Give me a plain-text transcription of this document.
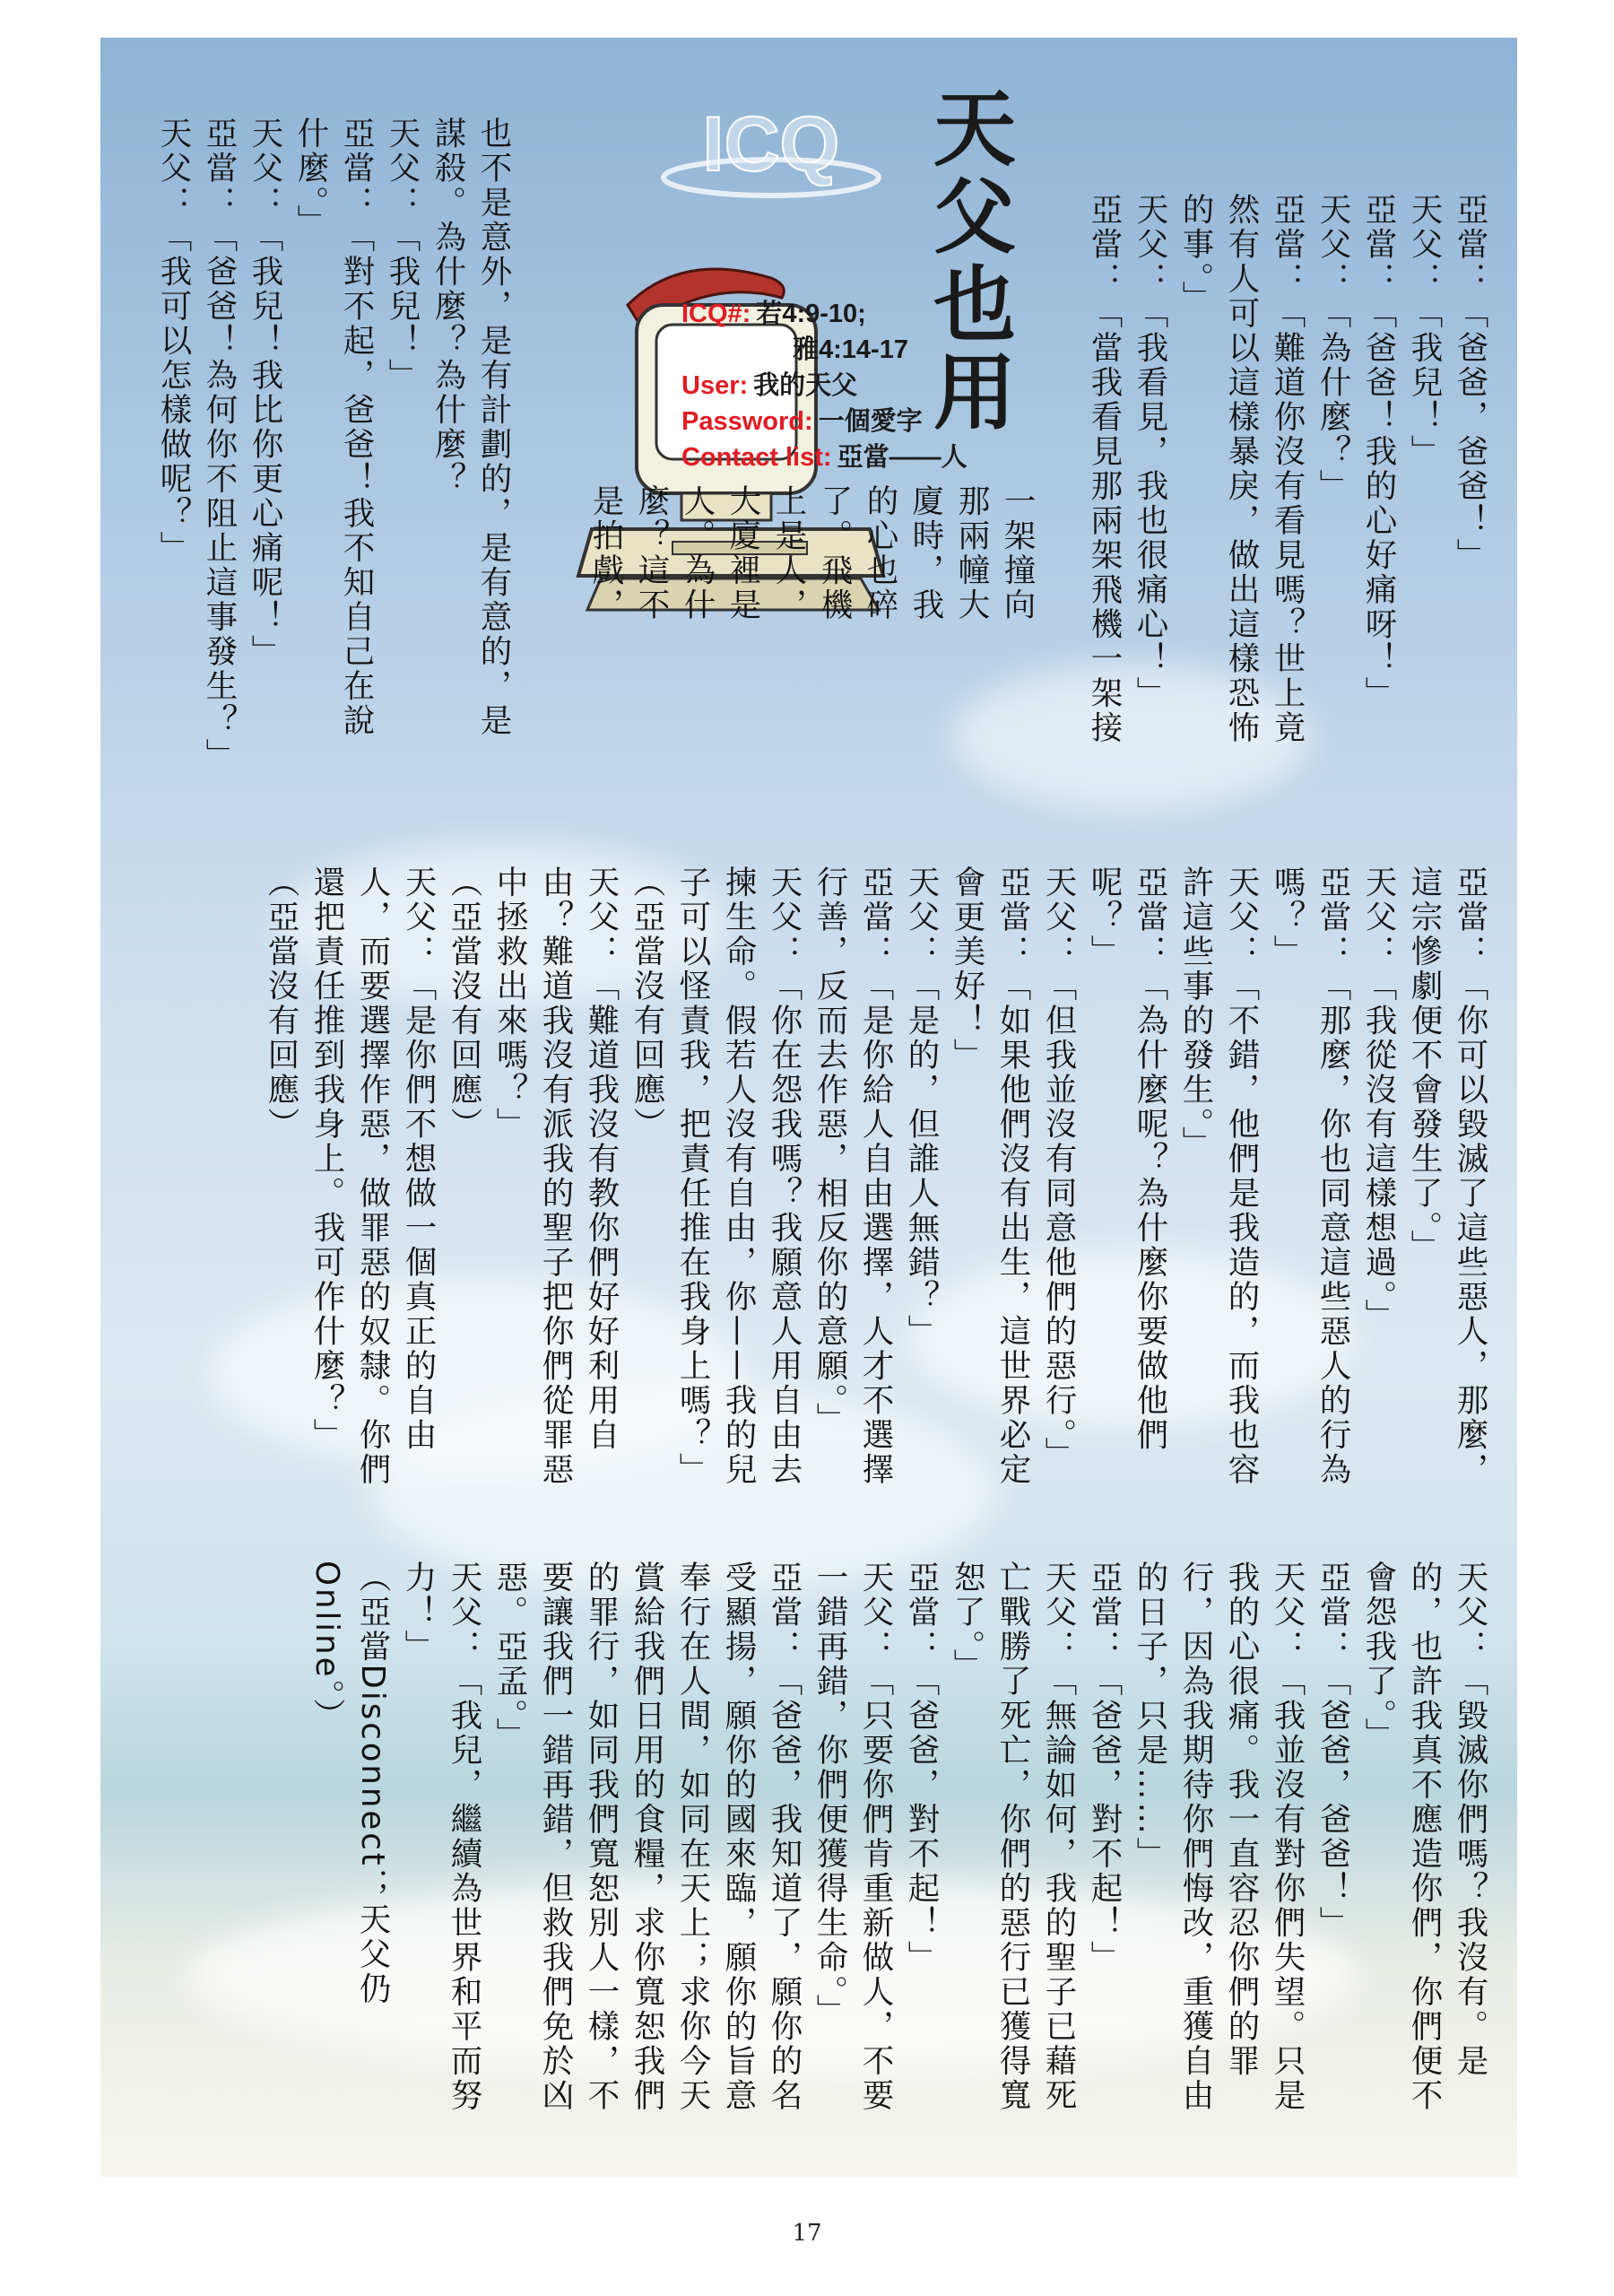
ICQ 天父也用
ICQ#: 若4:9-10;
雅4:14-17
User: 我的天父
Password: 一個愛字
Contact list: 亞當——人	亞當：「爸爸，爸爸！」
天父：「我兒！」
亞當：「爸爸！我的心好痛呀！」
天父：「為什麼？」
亞當：「難道你沒有看見嗎？世上竟然有人可以這樣暴戾，做出這樣恐怖的事。」
天父：「我看見，我也很痛心！」
亞當：「當我看見那兩架飛機一架接
一架撞向
那兩幢大
廈時，我
的心也碎
了。飛機
上是人，
大廈裡是
人。為什
麼？這不
是拍戲，
也不是意外，是有計劃的，是有意的，是謀殺。為什麼？為什麼？
天父：「我兒！」
亞當：「對不起，爸爸！我不知自己在說什麼。」
天父：「我兒！我比你更心痛呢！」
亞當：「爸爸！為何你不阻止這事發生？」
天父：「我可以怎樣做呢？」
亞當：「你可以毀滅了這些惡人，那麼，這宗慘劇便不會發生了。」
天父：「我從沒有這樣想過。」
亞當：「那麼，你也同意這些惡人的行為嗎？」
天父：「不錯，他們是我造的，而我也容許這些事的發生。」
亞當：「為什麼呢？為什麼你要做他們呢？」
天父：「但我並沒有同意他們的惡行。」
亞當：「如果他們沒有出生，這世界必定會更美好！」
天父：「是的，但誰人無錯？」
亞當：「是你給人自由選擇，人才不選擇行善，反而去作惡，相反你的意願。」
天父：「你在怨我嗎？我願意人用自由去揀生命。假若人沒有自由，你——我的兒子可以怪責我，把責任推在我身上嗎？」
（亞當沒有回應）
天父：「難道我沒有教你們好好利用自由？難道我沒有派我的聖子把你們從罪惡中拯救出來嗎？」
（亞當沒有回應）
天父：「是你們不想做一個真正的自由人，而要選擇作惡，做罪惡的奴隸。你們還把責任推到我身上。我可作什麼？」
（亞當沒有回應）
天父：「毀滅你們嗎？我沒有。是的，也許我真不應造你們，你們便不會怨我了。」
亞當：「爸爸，爸爸！」
天父：「我並沒有對你們失望。只是我的心很痛。我一直容忍你們的罪行，因為我期待你們悔改，重獲自由的日子，只是……」
亞當：「爸爸，對不起！」
天父：「無論如何，我的聖子已藉死亡戰勝了死亡，你們的惡行已獲得寬恕了。」
亞當：「爸爸，對不起！」
天父：「只要你們肯重新做人，不要一錯再錯，你們便獲得生命。」
亞當：「爸爸，我知道了，願你的名受顯揚，願你的國來臨，願你的旨意奉行在人間，如同在天上；求你今天賞給我們日用的食糧，求你寬恕我們的罪行，如同我們寬恕別人一樣，不要讓我們一錯再錯，但救我們免於凶惡。亞孟。」
天父：「我兒，繼續為世界和平而努力！」
（亞當Disconnect；天父仍Online。）
17
